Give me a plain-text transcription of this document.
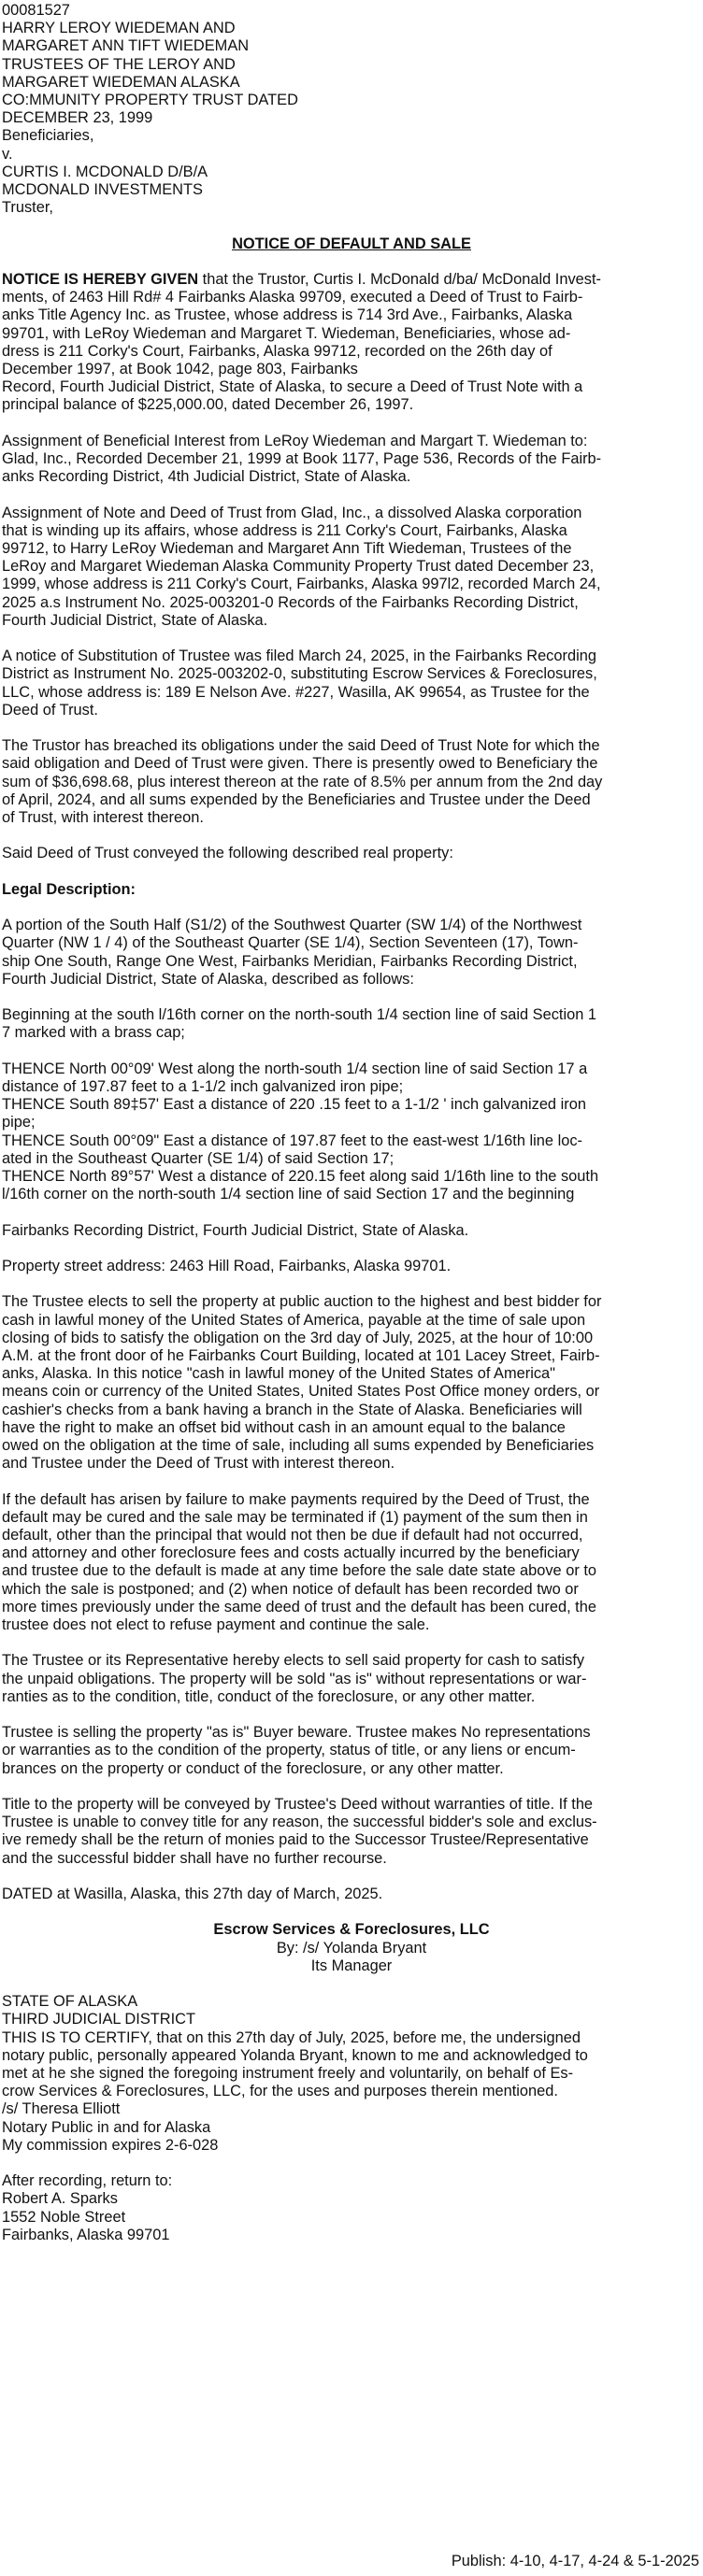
00081527
HARRY LEROY WIEDEMAN AND
MARGARET ANN TIFT WIEDEMAN
TRUSTEES OF THE LEROY AND
MARGARET WIEDEMAN ALASKA
CO:MMUNITY PROPERTY TRUST DATED
DECEMBER 23, 1999
Beneficiaries,
v.
CURTIS I. MCDONALD D/B/A
MCDONALD INVESTMENTS
Truster,

NOTICE OF DEFAULT AND SALE

NOTICE IS HEREBY GIVEN that the Trustor, Curtis I. McDonald d/ba/ McDonald Invest-
ments, of 2463 Hill Rd# 4 Fairbanks Alaska 99709, executed a Deed of Trust to Fairb-
anks Title Agency Inc. as Trustee, whose address is 714 3rd Ave., Fairbanks, Alaska
99701, with LeRoy Wiedeman and Margaret T. Wiedeman, Beneficiaries, whose ad-
dress is 211 Corky's Court, Fairbanks, Alaska 99712, recorded on the 26th day of
December 1997, at Book 1042, page 803, Fairbanks
Record, Fourth Judicial District, State of Alaska, to secure a Deed of Trust Note with a
principal balance of $225,000.00, dated December 26, 1997.
Assignment of Beneficial Interest from LeRoy Wiedeman and Margart T. Wiedeman to:
Glad, Inc., Recorded December 21, 1999 at Book 1177, Page 536, Records of the Fairb-
anks Recording District, 4th Judicial District, State of Alaska.
Assignment of Note and Deed of Trust from Glad, Inc., a dissolved Alaska corporation
that is winding up its affairs, whose address is 211 Corky's Court, Fairbanks, Alaska
99712, to Harry LeRoy Wiedeman and Margaret Ann Tift Wiedeman, Trustees of the
LeRoy and Margaret Wiedeman Alaska Community Property Trust dated December 23,
1999, whose address is 211 Corky's Court, Fairbanks, Alaska 997l2, recorded March 24,
2025 a.s Instrument No. 2025-003201-0 Records of the Fairbanks Recording District,
Fourth Judicial District, State of Alaska.
A notice of Substitution of Trustee was filed March 24, 2025, in the Fairbanks Recording
District as Instrument No. 2025-003202-0, substituting Escrow Services & Foreclosures,
LLC, whose address is: 189 E Nelson Ave. #227, Wasilla, AK 99654, as Trustee for the
Deed of Trust.
The Trustor has breached its obligations under the said Deed of Trust Note for which the
said obligation and Deed of Trust were given. There is presently owed to Beneficiary the
sum of $36,698.68, plus interest thereon at the rate of 8.5% per annum from the 2nd day
of April, 2024, and all sums expended by the Beneficiaries and Trustee under the Deed
of Trust, with interest thereon.
Said Deed of Trust conveyed the following described real property:
Legal Description:
A portion of the South Half (S1/2) of the Southwest Quarter (SW 1/4) of the Northwest
Quarter (NW 1 / 4) of the Southeast Quarter (SE 1/4), Section Seventeen (17), Town-
ship One South, Range One West, Fairbanks Meridian, Fairbanks Recording District,
Fourth Judicial District, State of Alaska, described as follows:
Beginning at the south l/16th corner on the north-south 1/4 section line of said Section 1
7 marked with a brass cap;
THENCE North 00°09' West along the north-south 1/4 section line of said Section 17 a
distance of 197.87 feet to a 1-1/2 inch galvanized iron pipe;
THENCE South 89‡57' East a distance of 220 .15 feet to a 1-1/2 ' inch galvanized iron
pipe;
THENCE South 00°09" East a distance of 197.87 feet to the east-west 1/16th line loc-
ated in the Southeast Quarter (SE 1/4) of said Section 17;
THENCE North 89°57' West a distance of 220.15 feet along said 1/16th line to the south
l/16th corner on the north-south 1/4 section line of said Section 17 and the beginning
Fairbanks Recording District, Fourth Judicial District, State of Alaska.
Property street address: 2463 Hill Road, Fairbanks, Alaska 99701.
The Trustee elects to sell the property at public auction to the highest and best bidder for
cash in lawful money of the United States of America, payable at the time of sale upon
closing of bids to satisfy the obligation on the 3rd day of July, 2025, at the hour of 10:00
A.M. at the front door of he Fairbanks Court Building, located at 101 Lacey Street, Fairb-
anks, Alaska. In this notice "cash in lawful money of the United States of America"
means coin or currency of the United States, United States Post Office money orders, or
cashier's checks from a bank having a branch in the State of Alaska. Beneficiaries will
have the right to make an offset bid without cash in an amount equal to the balance
owed on the obligation at the time of sale, including all sums expended by Beneficiaries
and Trustee under the Deed of Trust with interest thereon.
If the default has arisen by failure to make payments required by the Deed of Trust, the
default may be cured and the sale may be terminated if (1) payment of the sum then in
default, other than the principal that would not then be due if default had not occurred,
and attorney and other foreclosure fees and costs actually incurred by the beneficiary
and trustee due to the default is made at any time before the sale date state above or to
which the sale is postponed; and (2) when notice of default has been recorded two or
more times previously under the same deed of trust and the default has been cured, the
trustee does not elect to refuse payment and continue the sale.
The Trustee or its Representative hereby elects to sell said property for cash to satisfy
the unpaid obligations. The property will be sold "as is" without representations or war-
ranties as to the condition, title, conduct of the foreclosure, or any other matter.
Trustee is selling the property "as is" Buyer beware. Trustee makes No representations
or warranties as to the condition of the property, status of title, or any liens or encum-
brances on the property or conduct of the foreclosure, or any other matter.
Title to the property will be conveyed by Trustee's Deed without warranties of title. If the
Trustee is unable to convey title for any reason, the successful bidder's sole and exclus-
ive remedy shall be the return of monies paid to the Successor Trustee/Representative
and the successful bidder shall have no further recourse.
DATED at Wasilla, Alaska, this 27th day of March, 2025.
Escrow Services & Foreclosures, LLC
By: /s/ Yolanda Bryant
Its Manager
STATE OF ALASKA
THIRD JUDICIAL DISTRICT
THIS IS TO CERTIFY, that on this 27th day of July, 2025, before me, the undersigned
notary public, personally appeared Yolanda Bryant, known to me and acknowledged to
met at he she signed the foregoing instrument freely and voluntarily, on behalf of Es-
crow Services & Foreclosures, LLC, for the uses and purposes therein mentioned.
/s/ Theresa Elliott
Notary Public in and for Alaska
My commission expires 2-6-028
After recording, return to:
Robert A. Sparks
1552 Noble Street
Fairbanks, Alaska 99701
Publish: 4-10, 4-17, 4-24 & 5-1-2025
